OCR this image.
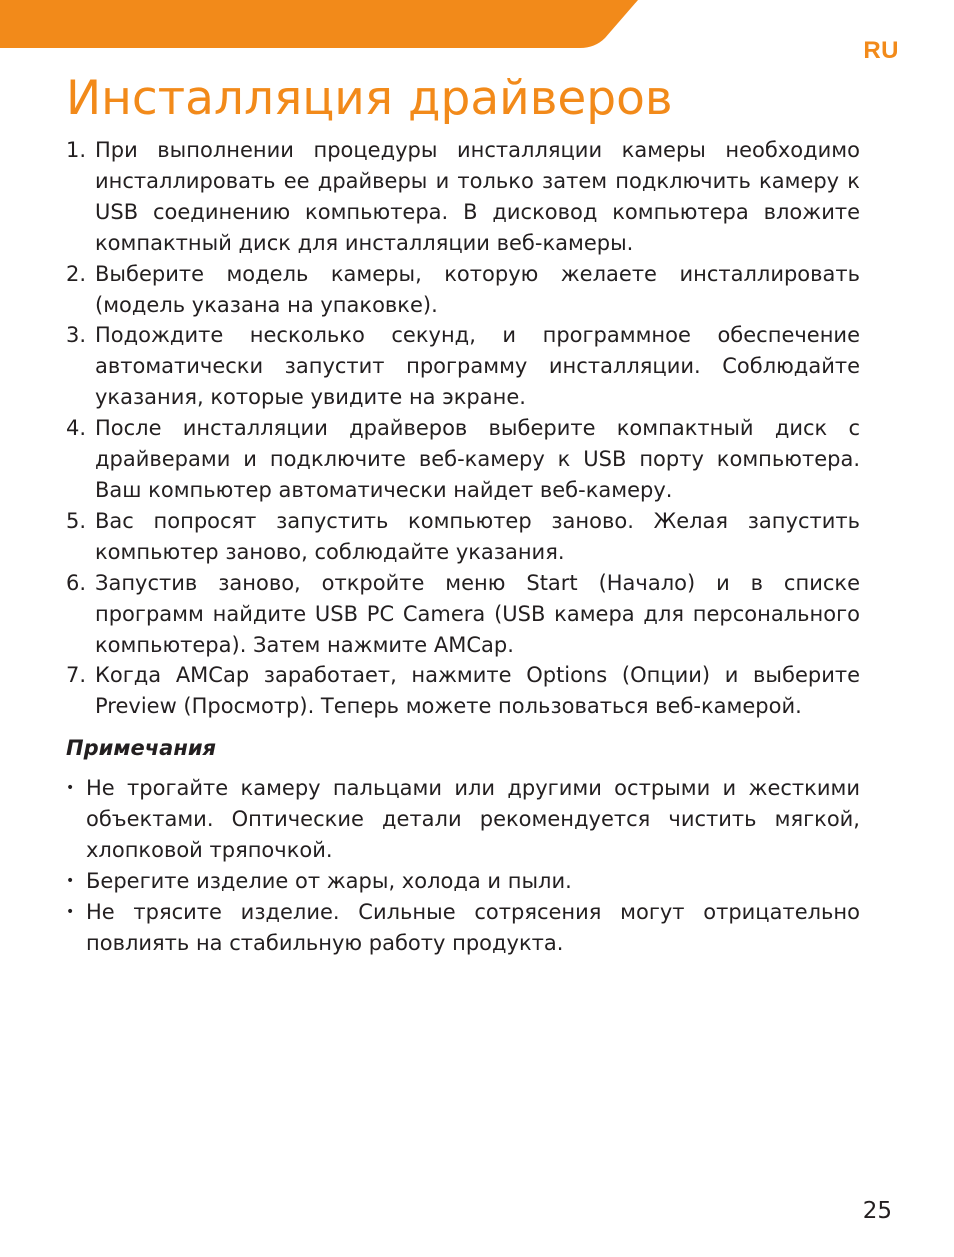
RU
Инсталляция драйверов
1. При выполнении процедуры инсталляции камеры необходимо инсталлировать ее драйверы и только затем подключить камеру к USB соединению компьютера. В дисковод компьютера вложите компактный диск для инсталляции веб-камеры.
2. Выберите модель камеры, которую желаете инсталлировать (модель указана на упаковке).
3. Подождите несколько секунд, и программное обеспечение автоматически запустит программу инсталляции. Соблюдайте указания, которые увидите на экране.
4. После инсталляции драйверов выберите компактный диск с драйверами и подключите веб-камеру к USB порту компьютера. Ваш компьютер автоматически найдет веб-камеру.
5. Вас попросят запустить компьютер заново. Желая запустить компьютер заново, соблюдайте указания.
6. Запустив заново, откройте меню Start (Начало) и в списке программ найдите USB PC Camera (USB камера для персонального компьютера). Затем нажмите AMCap.
7. Когда AMCap заработает, нажмите Options (Опции) и выберите Preview (Просмотр). Теперь можете пользоваться веб-камерой.
Примечания
• Не трогайте камеру пальцами или другими острыми и жесткими объектами. Оптические детали рекомендуется чистить мягкой, хлопковой тряпочкой.
• Берегите изделие от жары, холода и пыли.
• Не трясите изделие. Сильные сотрясения могут отрицательно повлиять на стабильную работу продукта.
25
